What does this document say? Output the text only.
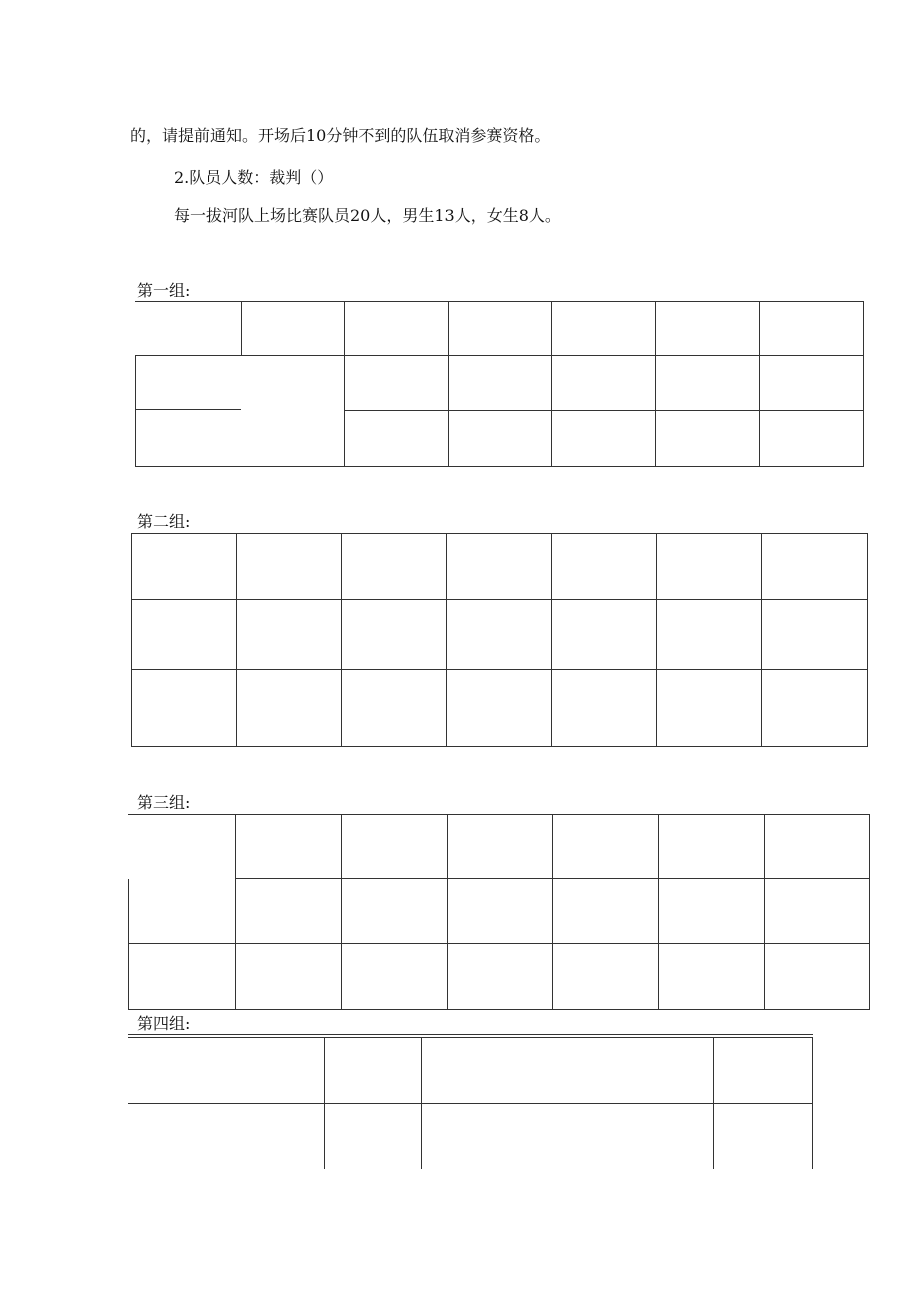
的，请提前通知。开场后10分钟不到的队伍取消参赛资格。
2.队员人数：裁判（）
每一拔河队上场比赛队员20人，男生13人，女生8人。
第一组:
第二组:
第三组:
第四组:
